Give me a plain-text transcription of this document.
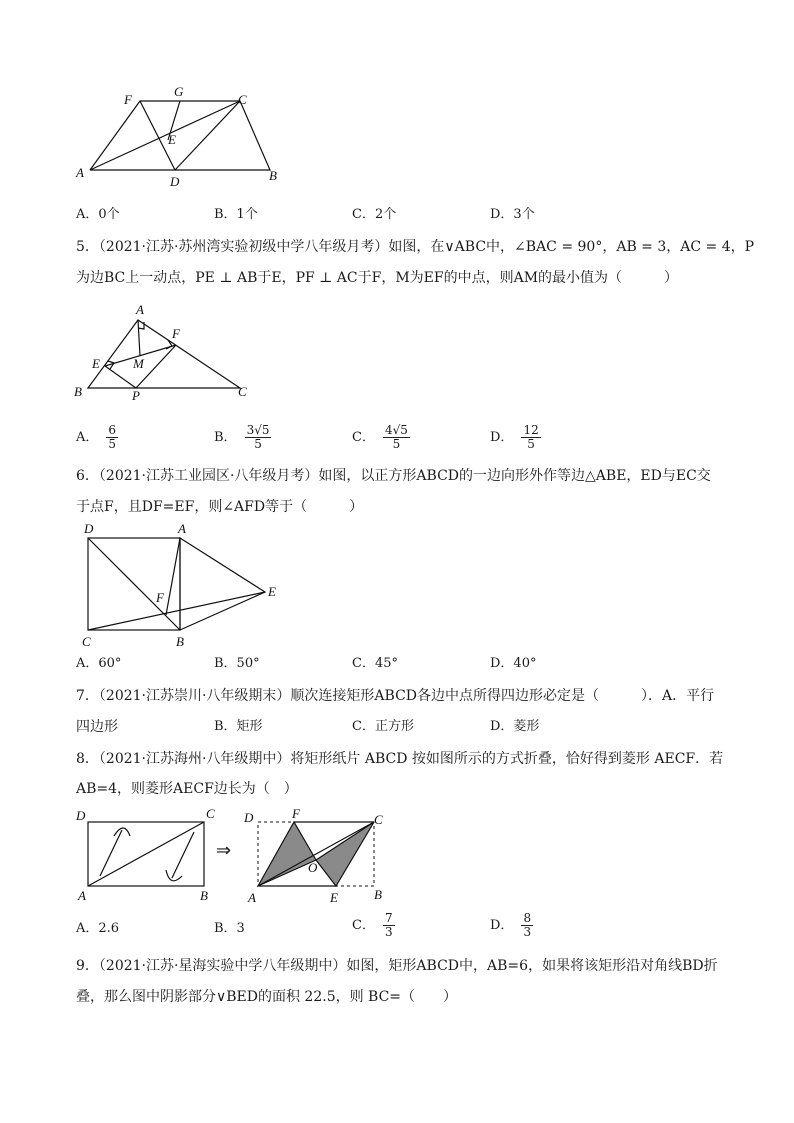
F
G
C
E
A
D	B
A．0个	B．1个	C．2个	D．3个
5．（2021·江苏·苏州湾实验初级中学八年级月考）如图，在∨ABC中，∠BAC = 90°，AB = 3，AC = 4，P
为边BC上一动点，PE ⊥ AB于E，PF ⊥ AC于F，M为EF的中点，则AM的最小值为（　　　）
A
F
E	M
B	P	C
A． $\frac{6}{5}$	B． $\frac{3√5}{5}$	C． $\frac{4√5}{5}$	D． $\frac{12}{5}$
6．（2021·江苏工业园区·八年级月考）如图，以正方形ABCD的一边向形外作等边△ABE，ED与EC交
于点F，且DF=EF，则∠AFD等于（　　　）
D	A
F	E
C	B
A．60°	B．50°	C．45°	D．40°
7．（2021·江苏崇川·八年级期末）顺次连接矩形ABCD各边中点所得四边形必定是（　　　）．A．平行
四边形	B．矩形	C．正方形	D．菱形
8．（2021·江苏海州·八年级期中）将矩形纸片 ABCD 按如图所示的方式折叠，恰好得到菱形 AECF．若
AB=4，则菱形AECF边长为（　）
D	C
A	B
⇒
D	F	C
O
A	E	B
A．2.6	B．3	C． $\frac{7}{3}$	D． $\frac{8}{3}$
9．（2021·江苏·星海实验中学八年级期中）如图，矩形ABCD中，AB=6，如果将该矩形沿对角线BD折
叠，那么图中阴影部分∨BED的面积 22.5，则 BC=（　　）
